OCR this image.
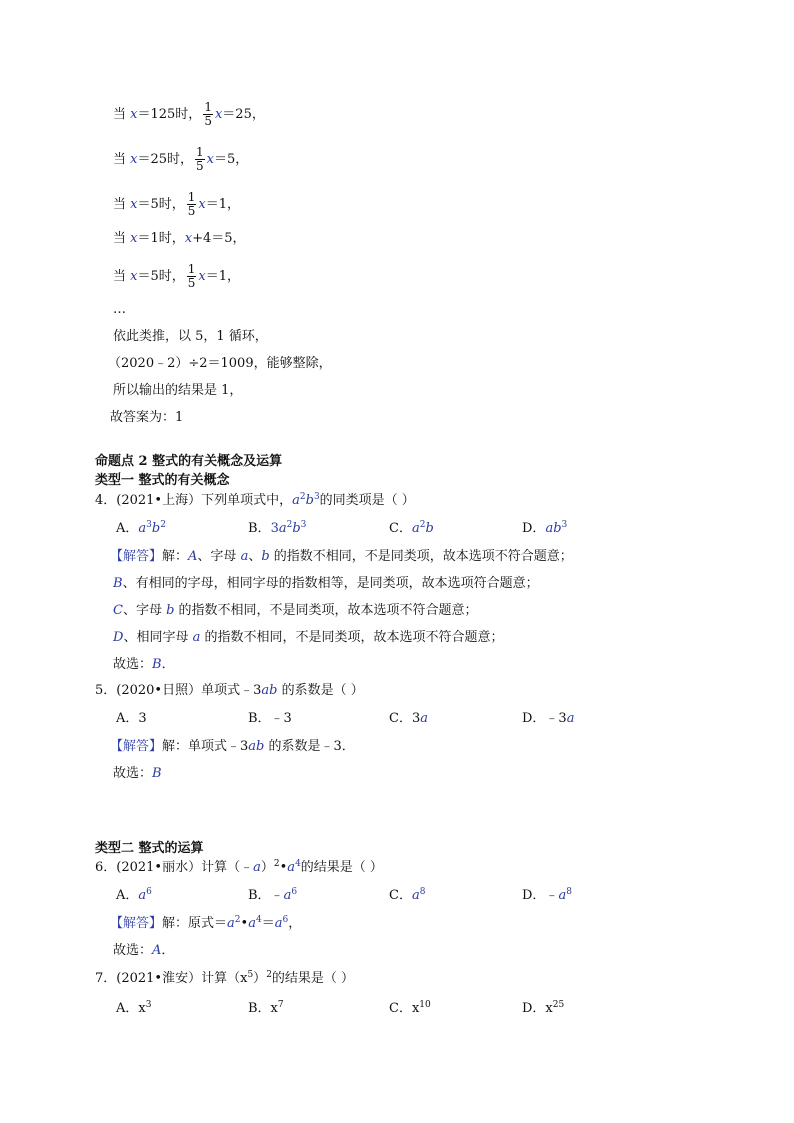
当 x＝125时， $\frac{1}{5} x=25$，
当 x＝25时， $\frac{1}{5} x=5$，
当 x＝5时， $\frac{1}{5} x=1$，
当 x＝1时，x+4＝5，
当 x＝5时， $\frac{1}{5} x=1$，
…
依此类推，以 5，1 循环，
（2020﹣2）÷2＝1009，能够整除，
所以输出的结果是 1，
故答案为：1
命题点 2 整式的有关概念及运算
类型一 整式的有关概念
4．(2021•上海）下列单项式中，$a^2b^3$的同类项是（ ）
A．$a^3b^2$	B．$3a^2b^3$	C．$a^2b$	D．$ab^3$
【解答】解：A、字母 a、b 的指数不相同，不是同类项，故本选项不符合题意；
B、有相同的字母，相同字母的指数相等，是同类项，故本选项符合题意；
C、字母 b 的指数不相同，不是同类项，故本选项不符合题意；
D、相同字母 a 的指数不相同，不是同类项，故本选项不符合题意；
故选：B．
5．(2020•日照）单项式﹣3ab 的系数是（ ）
A．3	B．﹣3	C．3a	D．﹣3a
【解答】解：单项式﹣3ab 的系数是﹣3．
故选：B
类型二 整式的运算
6．(2021•丽水）计算$(﹣a)^2•a^4$的结果是（ ）
A．$a^6$	B．$﹣a^6$	C．$a^8$	D．$﹣a^8$
【解答】解：原式$=a^2•a^4=a^6$，
故选：A．
7．(2021•淮安）计算$(x^5)^2$的结果是（ ）
A．$x^3$	B．$x^7$	C．$x^{10}$	D．$x^{25}$
